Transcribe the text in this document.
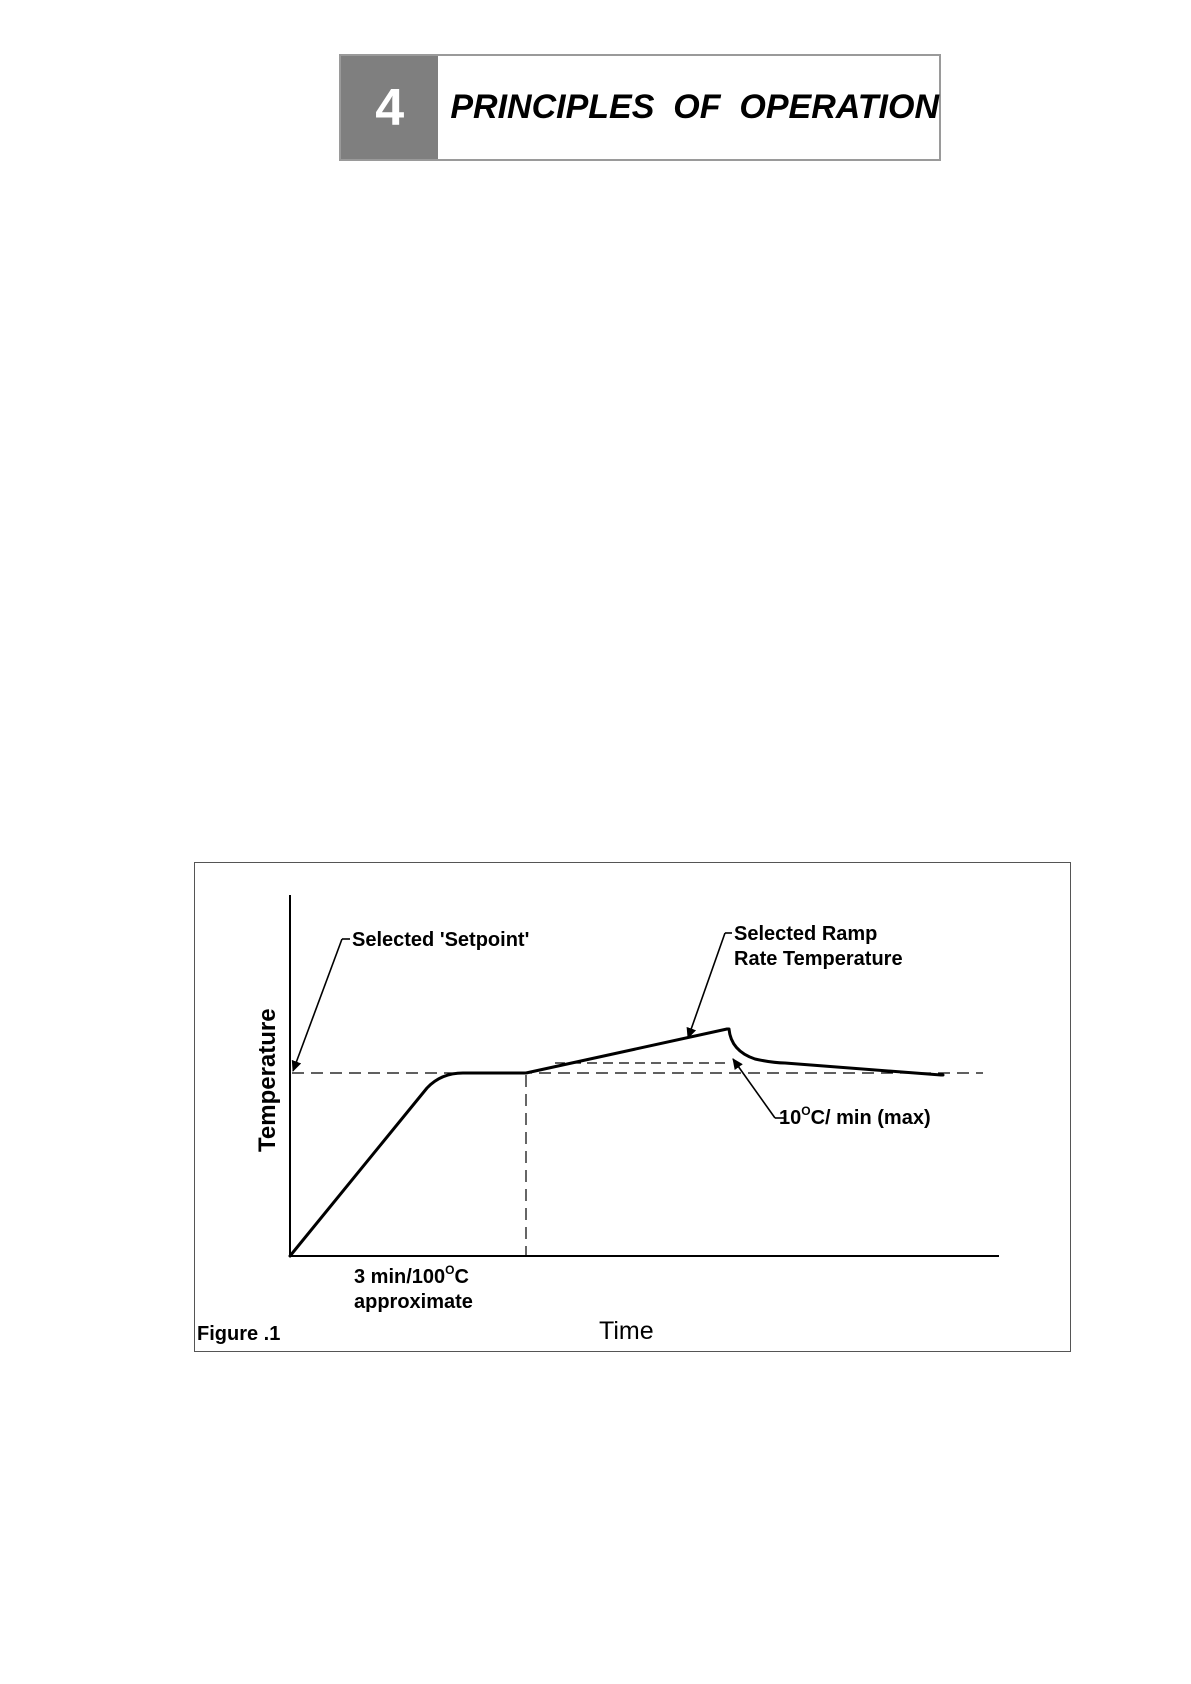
4	PRINCIPLES  OF  OPERATION
Selected 'Setpoint'	Selected Ramp
Rate Temperature
$10^OC/$ min (max)
3 $\min/100^OC$
approximate
Temperature
Time
Figure .1
